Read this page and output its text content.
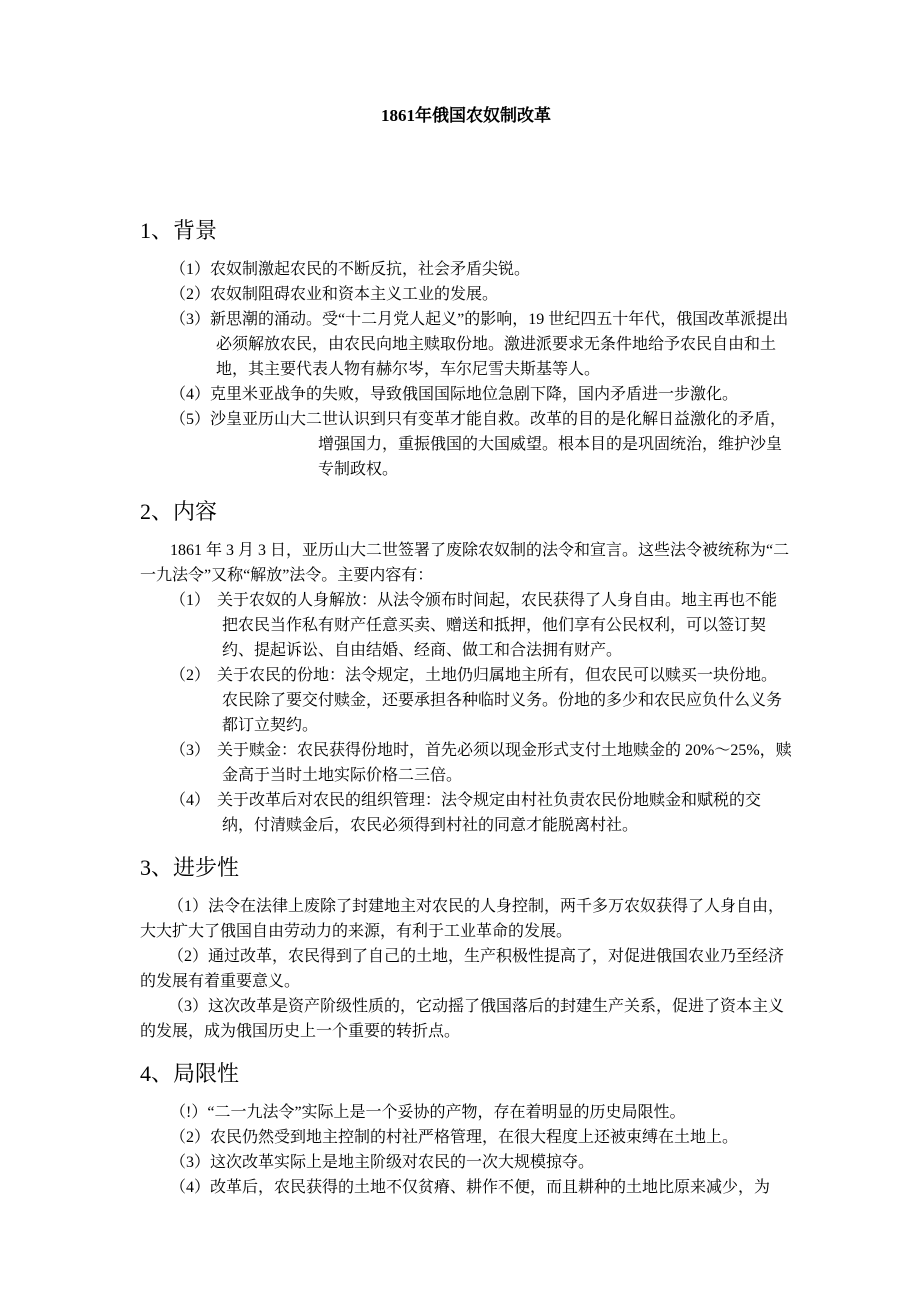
1861年俄国农奴制改革
1、背景

（1）农奴制激起农民的不断反抗，社会矛盾尖锐。

（2）农奴制阻碍农业和资本主义工业的发展。

（3）新思潮的涌动。受“十二月党人起义”的影响，19 世纪四五十年代，俄国改革派提出必须解放农民，由农民向地主赎取份地。激进派要求无条件地给予农民自由和土地，其主要代表人物有赫尔岑，车尔尼雪夫斯基等人。

（4）克里米亚战争的失败，导致俄国国际地位急剧下降，国内矛盾进一步激化。

（5）沙皇亚历山大二世认识到只有变革才能自救。改革的目的是化解日益激化的矛盾，增强国力，重振俄国的大国威望。根本目的是巩固统治，维护沙皇专制政权。

2、内容

1861 年 3 月 3 日，亚历山大二世签署了废除农奴制的法令和宣言。这些法令被统称为“二一九法令”又称“解放”法令。主要内容有：

（1） 关于农奴的人身解放：从法令颁布时间起，农民获得了人身自由。地主再也不能把农民当作私有财产任意买卖、赠送和抵押，他们享有公民权利，可以签订契约、提起诉讼、自由结婚、经商、做工和合法拥有财产。

（2） 关于农民的份地：法令规定，土地仍归属地主所有，但农民可以赎买一块份地。农民除了要交付赎金，还要承担各种临时义务。份地的多少和农民应负什么义务都订立契约。

（3） 关于赎金：农民获得份地时，首先必须以现金形式支付土地赎金的 20%～25%，赎金高于当时土地实际价格二三倍。

（4） 关于改革后对农民的组织管理：法令规定由村社负责农民份地赎金和赋税的交纳，付清赎金后，农民必须得到村社的同意才能脱离村社。

3、进步性

（1）法令在法律上废除了封建地主对农民的人身控制，两千多万农奴获得了人身自由，大大扩大了俄国自由劳动力的来源，有利于工业革命的发展。

（2）通过改革，农民得到了自己的土地，生产积极性提高了，对促进俄国农业乃至经济的发展有着重要意义。

（3）这次改革是资产阶级性质的，它动摇了俄国落后的封建生产关系，促进了资本主义的发展，成为俄国历史上一个重要的转折点。

4、局限性

（!）“二一九法令”实际上是一个妥协的产物，存在着明显的历史局限性。

（2）农民仍然受到地主控制的村社严格管理，在很大程度上还被束缚在土地上。

（3）这次改革实际上是地主阶级对农民的一次大规模掠夺。

（4）改革后，农民获得的土地不仅贫瘠、耕作不便，而且耕种的土地比原来减少，为
